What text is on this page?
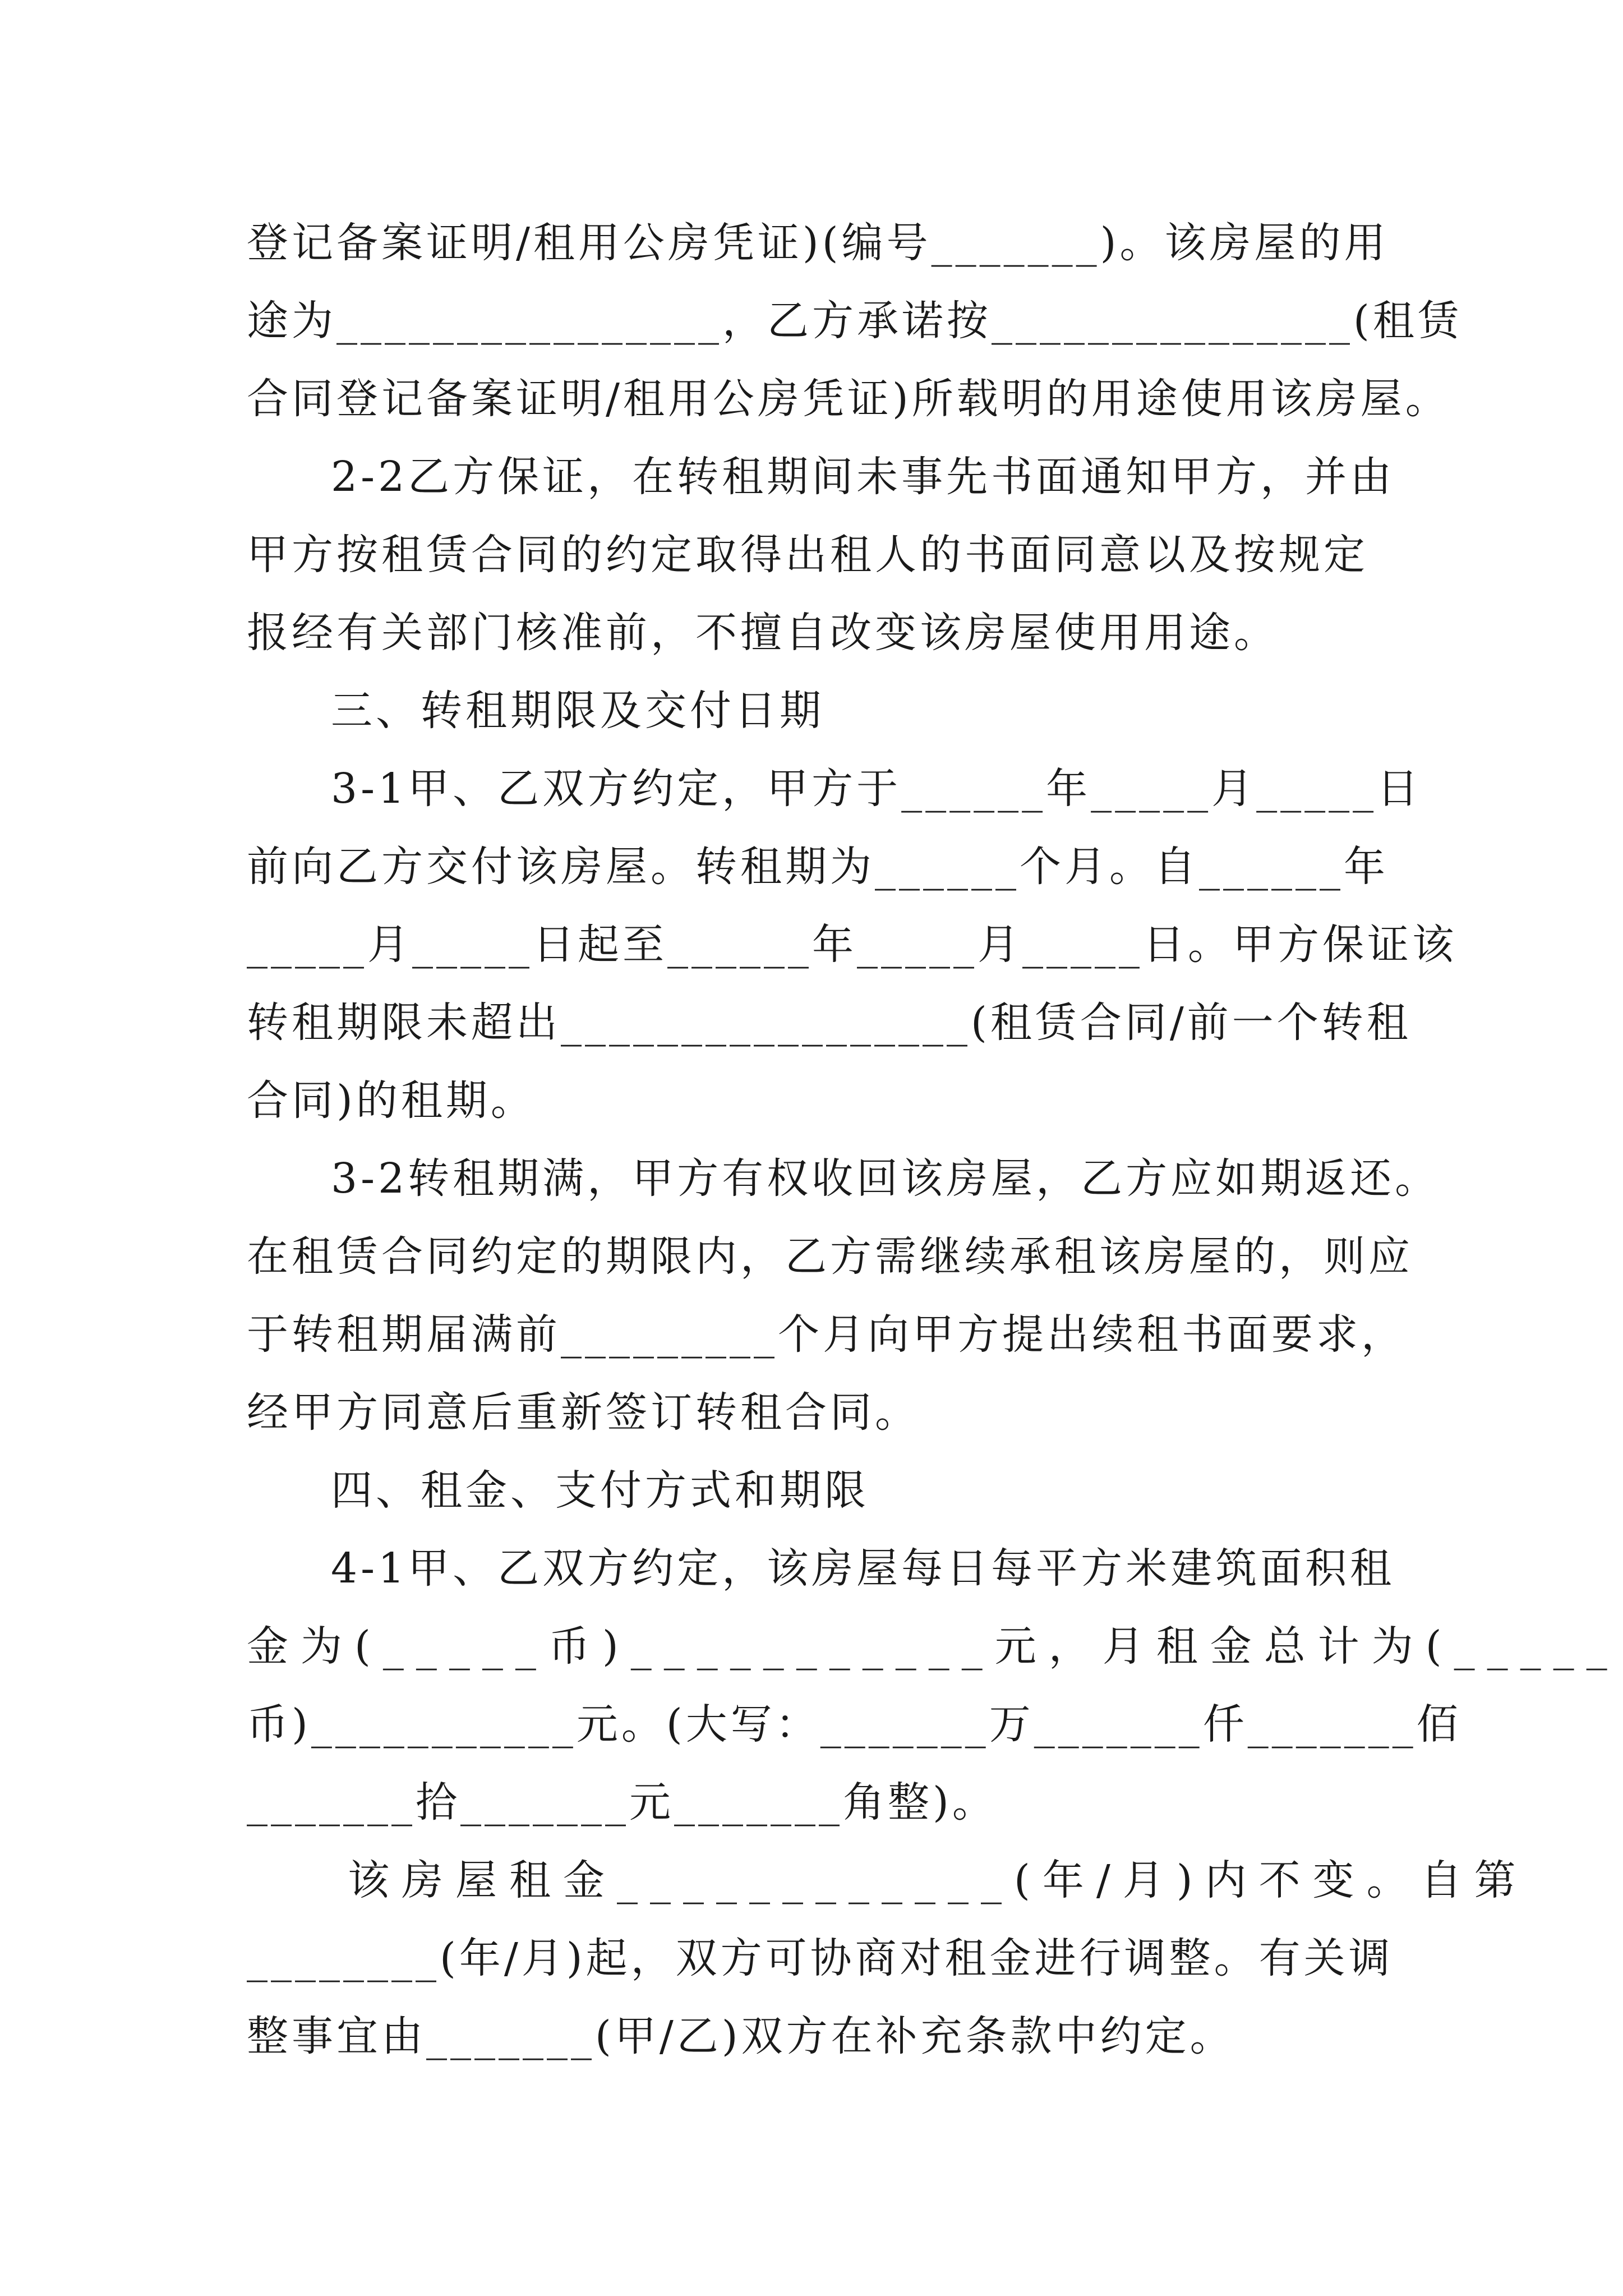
登记备案证明/租用公房凭证)(编号_______)。该房屋的用
途为________________，乙方承诺按_______________(租赁
合同登记备案证明/租用公房凭证)所载明的用途使用该房屋。
2-2乙方保证，在转租期间未事先书面通知甲方，并由
甲方按租赁合同的约定取得出租人的书面同意以及按规定
报经有关部门核准前，不擅自改变该房屋使用用途。
三、转租期限及交付日期
3-1甲、乙双方约定，甲方于______年_____月_____日
前向乙方交付该房屋。转租期为______个月。自______年
_____月_____日起至______年_____月_____日。甲方保证该
转租期限未超出_________________(租赁合同/前一个转租
合同)的租期。
3-2转租期满，甲方有权收回该房屋，乙方应如期返还。
在租赁合同约定的期限内，乙方需继续承租该房屋的，则应
于转租期届满前_________个月向甲方提出续租书面要求，
经甲方同意后重新签订转租合同。
四、租金、支付方式和期限
4-1甲、乙双方约定，该房屋每日每平方米建筑面积租
金为(_____币)___________元，月租金总计为(_____
币)___________元。(大写：_______万_______仟_______佰
_______拾_______元_______角整)。
该房屋租金____________(年/月)内不变。自第
________(年/月)起，双方可协商对租金进行调整。有关调
整事宜由_______(甲/乙)双方在补充条款中约定。
